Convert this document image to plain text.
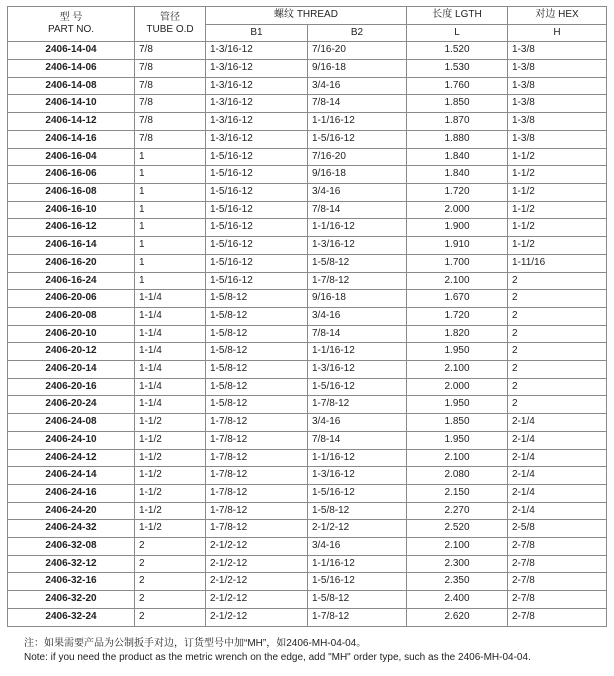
型 号
PART NO.	管径
TUBE O.D	螺纹 THREAD		长度 LGTH	对边 HEX
		B1	B2	L	H
2406-14-04	7/8	1-3/16-12	7/16-20	1.520	1-3/8
2406-14-06	7/8	1-3/16-12	9/16-18	1.530	1-3/8
2406-14-08	7/8	1-3/16-12	3/4-16	1.760	1-3/8
2406-14-10	7/8	1-3/16-12	7/8-14	1.850	1-3/8
2406-14-12	7/8	1-3/16-12	1-1/16-12	1.870	1-3/8
2406-14-16	7/8	1-3/16-12	1-5/16-12	1.880	1-3/8
2406-16-04	1	1-5/16-12	7/16-20	1.840	1-1/2
2406-16-06	1	1-5/16-12	9/16-18	1.840	1-1/2
2406-16-08	1	1-5/16-12	3/4-16	1.720	1-1/2
2406-16-10	1	1-5/16-12	7/8-14	2.000	1-1/2
2406-16-12	1	1-5/16-12	1-1/16-12	1.900	1-1/2
2406-16-14	1	1-5/16-12	1-3/16-12	1.910	1-1/2
2406-16-20	1	1-5/16-12	1-5/8-12	1.700	1-11/16
2406-16-24	1	1-5/16-12	1-7/8-12	2.100	2
2406-20-06	1-1/4	1-5/8-12	9/16-18	1.670	2
2406-20-08	1-1/4	1-5/8-12	3/4-16	1.720	2
2406-20-10	1-1/4	1-5/8-12	7/8-14	1.820	2
2406-20-12	1-1/4	1-5/8-12	1-1/16-12	1.950	2
2406-20-14	1-1/4	1-5/8-12	1-3/16-12	2.100	2
2406-20-16	1-1/4	1-5/8-12	1-5/16-12	2.000	2
2406-20-24	1-1/4	1-5/8-12	1-7/8-12	1.950	2
2406-24-08	1-1/2	1-7/8-12	3/4-16	1.850	2-1/4
2406-24-10	1-1/2	1-7/8-12	7/8-14	1.950	2-1/4
2406-24-12	1-1/2	1-7/8-12	1-1/16-12	2.100	2-1/4
2406-24-14	1-1/2	1-7/8-12	1-3/16-12	2.080	2-1/4
2406-24-16	1-1/2	1-7/8-12	1-5/16-12	2.150	2-1/4
2406-24-20	1-1/2	1-7/8-12	1-5/8-12	2.270	2-1/4
2406-24-32	1-1/2	1-7/8-12	2-1/2-12	2.520	2-5/8
2406-32-08	2	2-1/2-12	3/4-16	2.100	2-7/8
2406-32-12	2	2-1/2-12	1-1/16-12	2.300	2-7/8
2406-32-16	2	2-1/2-12	1-5/16-12	2.350	2-7/8
2406-32-20	2	2-1/2-12	1-5/8-12	2.400	2-7/8
2406-32-24	2	2-1/2-12	1-7/8-12	2.620	2-7/8
注：如果需要产品为公制扳手对边，订货型号中加“MH”，如2406-MH-04-04。
Note: if you need the product as the metric wrench on the edge, add "MH" order type, such as the 2406-MH-04-04.
